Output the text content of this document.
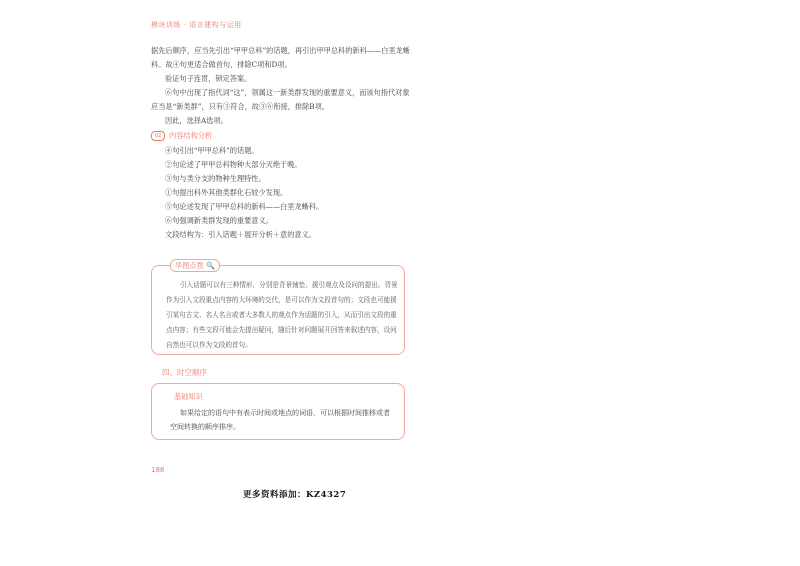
模块训练 · 语言建构与运用

据先后顺序，应当先引出“甲甲总科”的话题，再引出甲甲总科的新科——白垩龙蜥

科。故④句更适合做首句，排除C项和D项。

验证句子连贯，锁定答案。

⑥句中出现了指代词“这”，领属这一新类群发现的重要意义，而该句指代对象

应当是“新类群”，只有③符合，故③⑥衔接，排除B项。

因此，选择A选项。

02	内容结构分析

④句引出“甲甲总科”的话题。

②句论述了甲甲总科物种大部分灭绝于晚。

③句与类分支的物种生理特性。

①句提出科外其他类群化石较少发现。

⑤句论述发现了甲甲总科的新科——白垩龙蜥科。

⑥句强调新类群发现的重要意义。

文段结构为：引入话题＋展开分析＋意的意义。

华图点拨 🔍
引入话题可以有三种情形，分别是背景铺垫、援引观点及设问的提出。背景作为引入文段重点内容的大环境的交代，是可以作为文段首句的；文段也可能援引某句古文、名人名言或者大多数人的观点作为话题的引入，从而引出文段的重点内容；有些文段可能会先提出疑问，随后针对问题展开回答来叙述内容，设问自然也可以作为文段的首句。
四、时空顺序
基础知识
如果给定的语句中有表示时间或地点的词语，可以根据时间推移或者空间转换的顺序排序。
188
更多资料添加：KZ4327
